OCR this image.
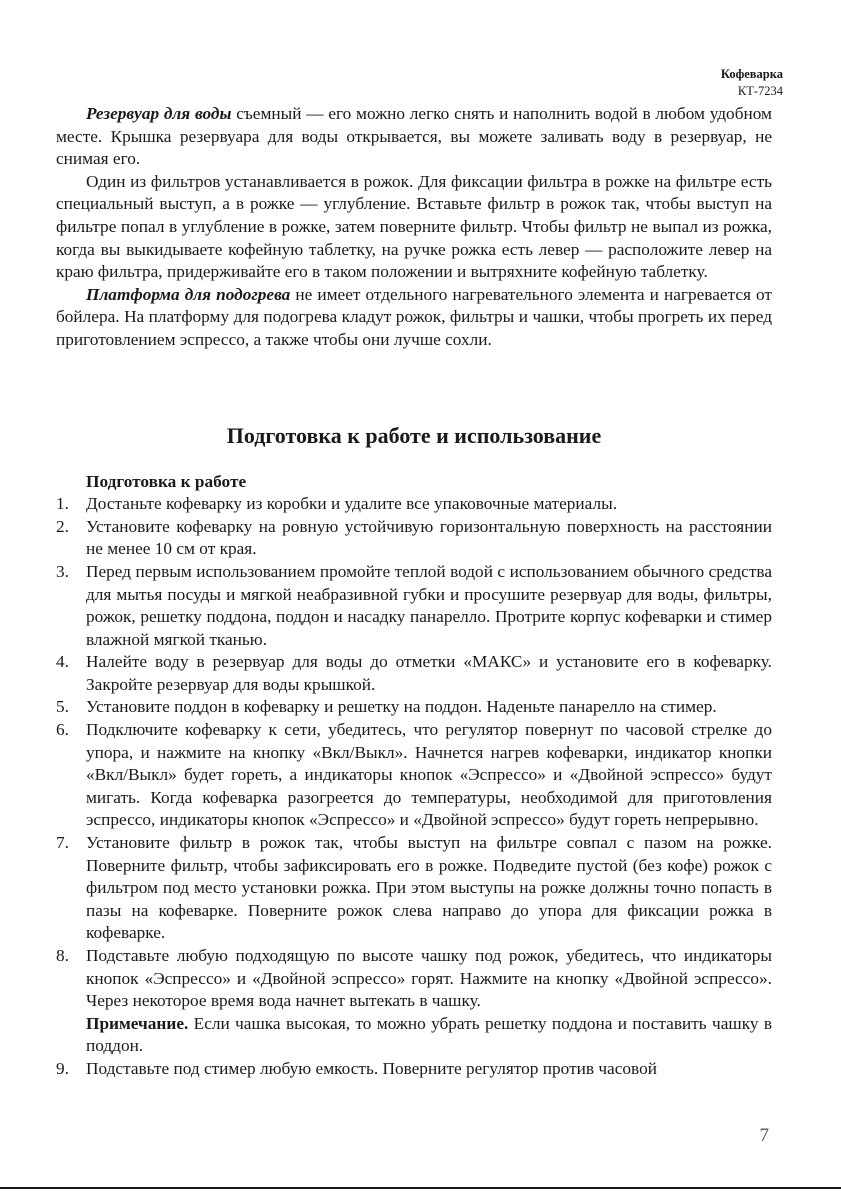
Кофеварка
КТ-7234

Резервуар для воды съемный — его можно легко снять и наполнить водой в любом удобном месте. Крышка резервуара для воды открывается, вы можете заливать воду в резервуар, не снимая его.

Один из фильтров устанавливается в рожок. Для фиксации фильтра в рожке на фильтре есть специальный выступ, а в рожке — углубление. Вставьте фильтр в рожок так, чтобы выступ на фильтре попал в углубление в рожке, затем поверните фильтр. Чтобы фильтр не выпал из рожка, когда вы выкидываете кофейную таблетку, на ручке рожка есть левер — расположите левер на краю фильтра, придерживайте его в таком положении и вытряхните кофейную таблетку.

Платформа для подогрева не имеет отдельного нагревательного элемента и нагревается от бойлера. На платформу для подогрева кладут рожок, фильтры и чашки, чтобы прогреть их перед приготовлением эспрессо, а также чтобы они лучше сохли.

Подготовка к работе и использование
Подготовка к работе
1. Достаньте кофеварку из коробки и удалите все упаковочные материалы.
2. Установите кофеварку на ровную устойчивую горизонтальную поверхность на расстоянии не менее 10 см от края.
3. Перед первым использованием промойте теплой водой с использованием обычного средства для мытья посуды и мягкой неабразивной губки и просушите резервуар для воды, фильтры, рожок, решетку поддона, поддон и насадку панарелло. Протрите корпус кофеварки и стимер влажной мягкой тканью.
4. Налейте воду в резервуар для воды до отметки «МАКС» и установите его в кофеварку. Закройте резервуар для воды крышкой.
5. Установите поддон в кофеварку и решетку на поддон. Наденьте панарелло на стимер.
6. Подключите кофеварку к сети, убедитесь, что регулятор повернут по часовой стрелке до упора, и нажмите на кнопку «Вкл/Выкл». Начнется нагрев кофеварки, индикатор кнопки «Вкл/Выкл» будет гореть, а индикаторы кнопок «Эспрессо» и «Двойной эспрессо» будут мигать. Когда кофеварка разогреется до температуры, необходимой для приготовления эспрессо, индикаторы кнопок «Эспрессо» и «Двойной эспрессо» будут гореть непрерывно.
7. Установите фильтр в рожок так, чтобы выступ на фильтре совпал с пазом на рожке. Поверните фильтр, чтобы зафиксировать его в рожке. Подведите пустой (без кофе) рожок с фильтром под место установки рожка. При этом выступы на рожке должны точно попасть в пазы на кофеварке. Поверните рожок слева направо до упора для фиксации рожка в кофеварке.
8. Подставьте любую подходящую по высоте чашку под рожок, убедитесь, что индикаторы кнопок «Эспрессо» и «Двойной эспрессо» горят. Нажмите на кнопку «Двойной эспрессо». Через некоторое время вода начнет вытекать в чашку.
Примечание. Если чашка высокая, то можно убрать решетку поддона и поставить чашку в поддон.
9. Подставьте под стимер любую емкость. Поверните регулятор против часовой
7
